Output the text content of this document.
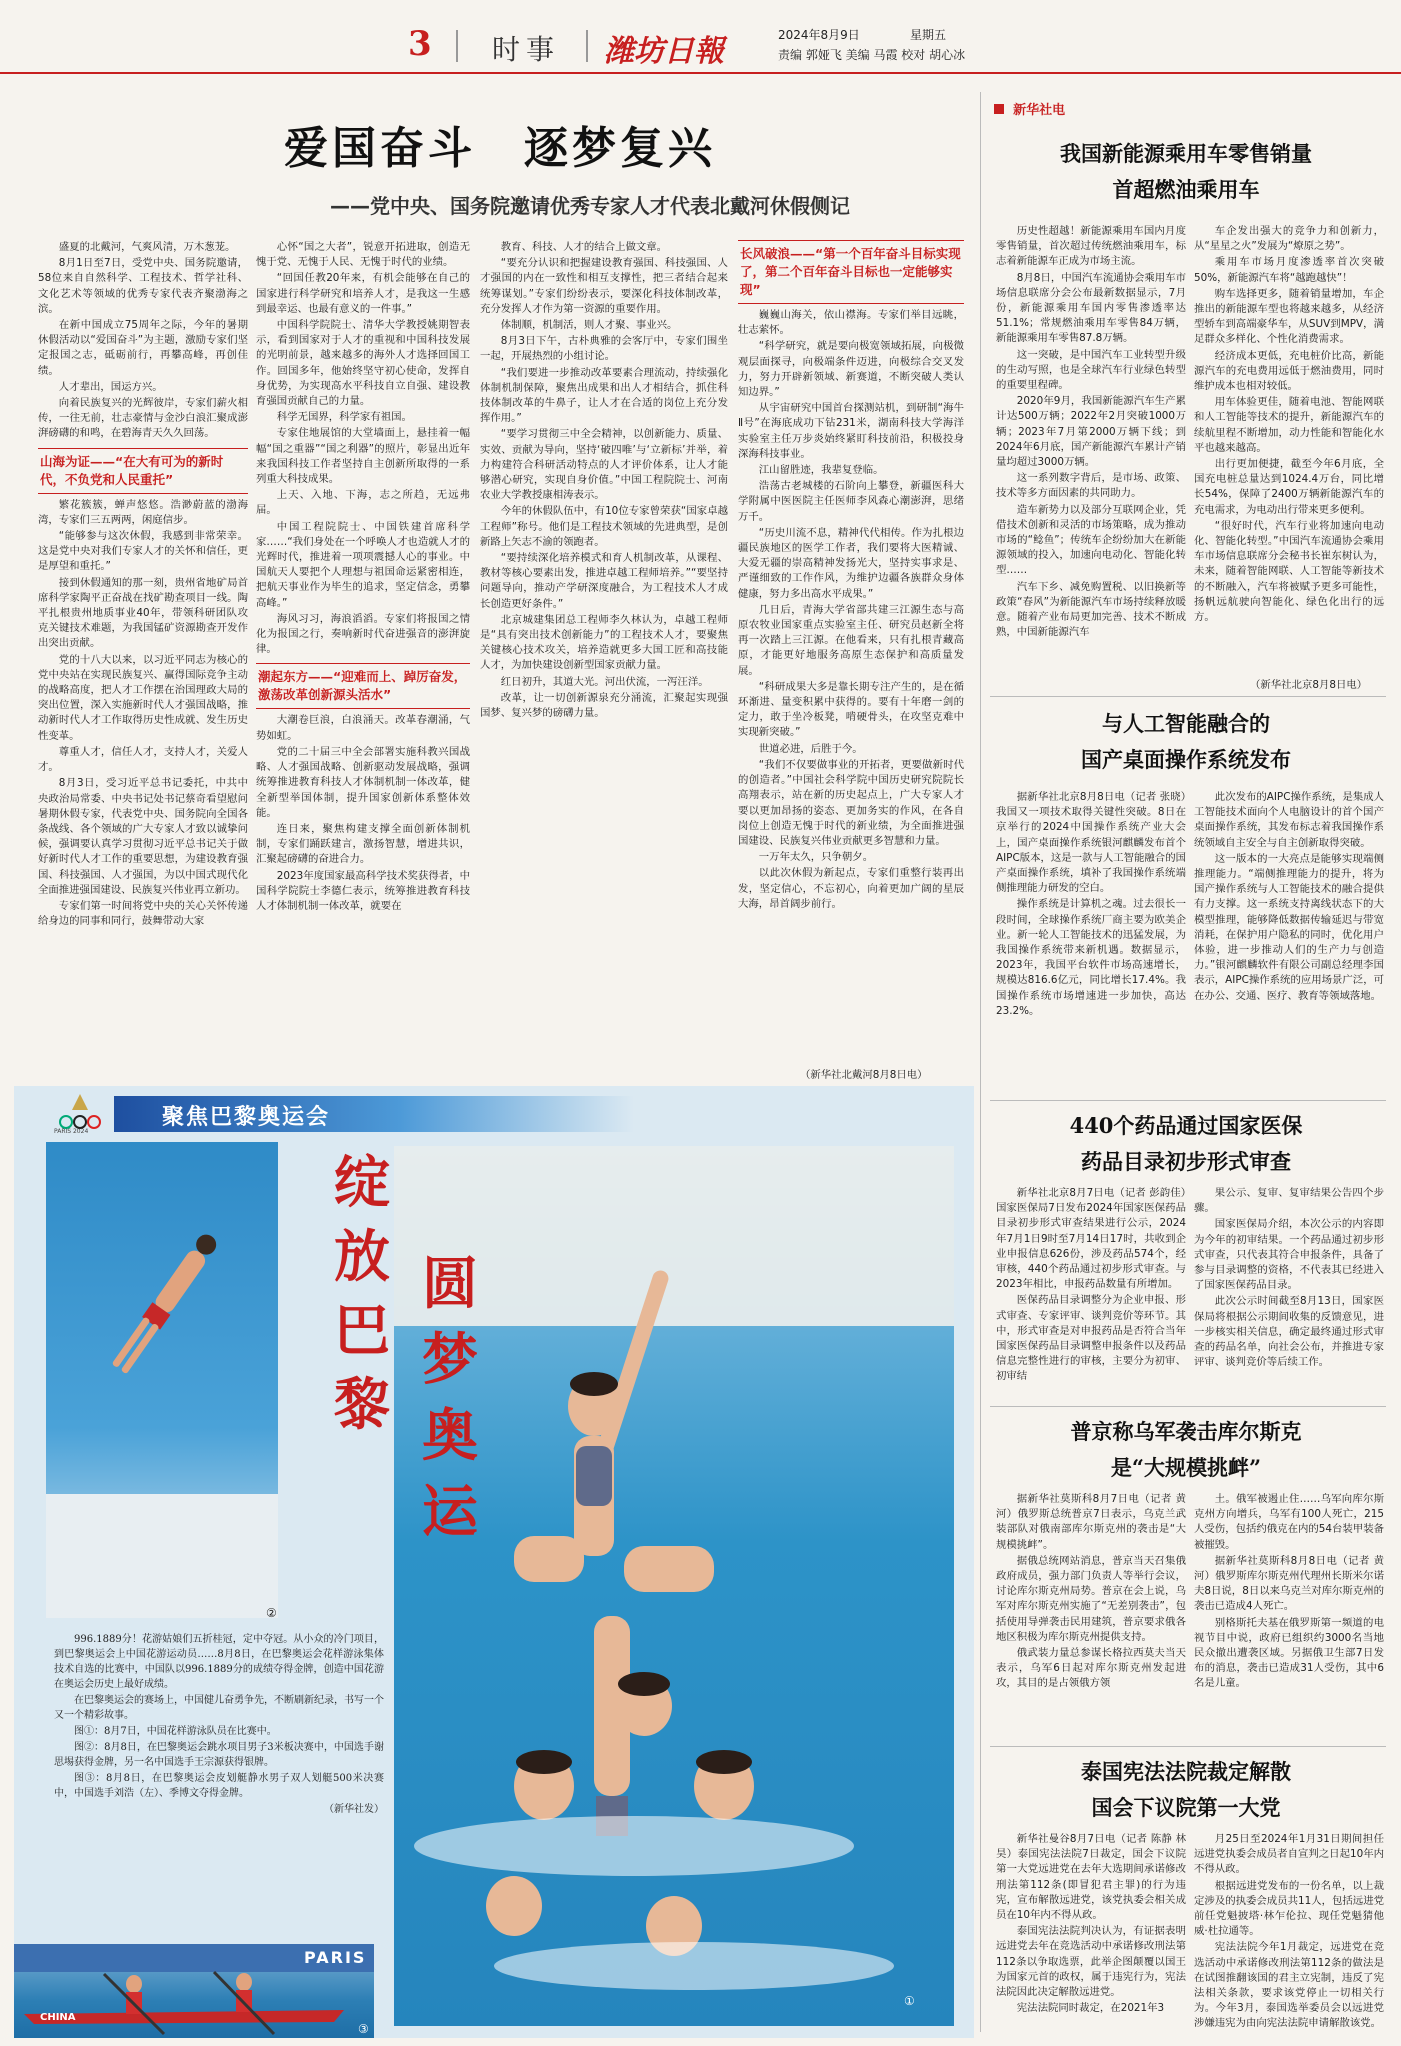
3 时事 潍坊日報	2024年8月9日	星期五
责编 郭娅飞 美编 马霞 校对 胡心冰
爱国奋斗　逐梦复兴
——党中央、国务院邀请优秀专家人才代表北戴河休假侧记

盛夏的北戴河，气爽风清，万木葱茏。

8月1日至7日，受党中央、国务院邀请，58位来自自然科学、工程技术、哲学社科、文化艺术等领域的优秀专家代表齐聚渤海之滨。

在新中国成立75周年之际，今年的暑期休假活动以“爱国奋斗”为主题，激励专家们坚定报国之志，砥砺前行，再攀高峰，再创佳绩。

人才辈出，国运方兴。

向着民族复兴的光辉彼岸，专家们薪火相传，一往无前，壮志豪情与金沙白浪汇聚成澎湃磅礴的和鸣，在碧海青天久久回荡。

山海为证——“在大有可为的新时代，不负党和人民重托”

繁花簇簇，蝉声悠悠。浩渺蔚蓝的渤海湾，专家们三五两两，闲庭信步。

“能够参与这次休假，我感到非常荣幸。这是党中央对我们专家人才的关怀和信任，更是厚望和重托。”

接到休假通知的那一刻，贵州省地矿局首席科学家陶平正奋战在找矿勘查项目一线。陶平扎根贵州地质事业40年，带领科研团队攻克关键技术难题，为我国锰矿资源勘查开发作出突出贡献。

党的十八大以来，以习近平同志为核心的党中央站在实现民族复兴、赢得国际竞争主动的战略高度，把人才工作摆在治国理政大局的突出位置，深入实施新时代人才强国战略，推动新时代人才工作取得历史性成就、发生历史性变革。

尊重人才，信任人才，支持人才，关爱人才。

8月3日，受习近平总书记委托，中共中央政治局常委、中央书记处书记蔡奇看望慰问暑期休假专家，代表党中央、国务院向全国各条战线、各个领域的广大专家人才致以诚挚问候，强调要认真学习贯彻习近平总书记关于做好新时代人才工作的重要思想，为建设教育强国、科技强国、人才强国，为以中国式现代化全面推进强国建设、民族复兴伟业再立新功。

专家们第一时间将党中央的关心关怀传递给身边的同事和同行，鼓舞带动大家

心怀“国之大者”，锐意开拓进取，创造无愧于党、无愧于人民、无愧于时代的业绩。

“回国任教20年来，有机会能够在自己的国家进行科学研究和培养人才，是我这一生感到最幸运、也最有意义的一件事。”

中国科学院院士、清华大学教授姚期智表示，看到国家对于人才的重视和中国科技发展的光明前景，越来越多的海外人才选择回国工作。回国多年，他始终坚守初心使命，发挥自身优势，为实现高水平科技自立自强、建设教育强国贡献自己的力量。

科学无国界，科学家有祖国。

专家住地展馆的大堂墙面上，悬挂着一幅幅“国之重器”“国之利器”的照片，彰显出近年来我国科技工作者坚持自主创新所取得的一系列重大科技成果。

上天、入地、下海，志之所趋，无远弗届。

中国工程院院士、中国铁建首席科学家……“我们身处在一个呼唤人才也造就人才的光辉时代，推进着一项项震撼人心的事业。中国航天人要把个人理想与祖国命运紧密相连，把航天事业作为毕生的追求，坚定信念，勇攀高峰。”

海风习习，海浪滔滔。专家们将报国之情化为报国之行，奏响新时代奋进强音的澎湃旋律。

潮起东方——“迎难而上、踔厉奋发，激荡改革创新源头活水”

大潮卷巨浪，白浪涌天。改革春潮涌，气势如虹。

党的二十届三中全会部署实施科教兴国战略、人才强国战略、创新驱动发展战略，强调统筹推进教育科技人才体制机制一体改革，健全新型举国体制，提升国家创新体系整体效能。

连日来，聚焦构建支撑全面创新体制机制，专家们踊跃建言，激扬智慧，增进共识，汇聚起磅礴的奋进合力。

2023年度国家最高科学技术奖获得者，中国科学院院士李德仁表示，统筹推进教育科技人才体制机制一体改革，就要在

教育、科技、人才的结合上做文章。

“要充分认识和把握建设教育强国、科技强国、人才强国的内在一致性和相互支撑性，把三者结合起来统筹谋划。”专家们纷纷表示，要深化科技体制改革，充分发挥人才作为第一资源的重要作用。

体制顺，机制活，则人才聚、事业兴。

8月3日下午，古朴典雅的会客厅中，专家们围坐一起，开展热烈的小组讨论。

“我们要进一步推动改革要素合理流动，持续强化体制机制保障，聚焦出成果和出人才相结合，抓住科技体制改革的牛鼻子，让人才在合适的岗位上充分发挥作用。”

“要学习贯彻三中全会精神，以创新能力、质量、实效、贡献为导向，坚持‘破四唯’与‘立新标’并举，着力构建符合科研活动特点的人才评价体系，让人才能够潜心研究，实现自身价值。”中国工程院院士、河南农业大学教授康相涛表示。

今年的休假队伍中，有10位专家曾荣获“国家卓越工程师”称号。他们是工程技术领域的先进典型，是创新路上矢志不渝的领跑者。

“要持续深化培养模式和育人机制改革，从课程、教材等核心要素出发，推进卓越工程师培养。”“要坚持问题导向，推动产学研深度融合，为工程技术人才成长创造更好条件。”

北京城建集团总工程师李久林认为，卓越工程师是“具有突出技术创新能力”的工程技术人才，要聚焦关键核心技术攻关，培养造就更多大国工匠和高技能人才，为加快建设创新型国家贡献力量。

红日初升，其道大光。河出伏流，一泻汪洋。

改革，让一切创新源泉充分涌流，汇聚起实现强国梦、复兴梦的磅礴力量。

长风破浪——“第一个百年奋斗目标实现了，第二个百年奋斗目标也一定能够实现”

巍巍山海关，依山襟海。专家们举目远眺，壮志萦怀。

“科学研究，就是要向极宽领域拓展，向极微观层面探寻，向极端条件迈进，向极综合交叉发力，努力开辟新领域、新赛道，不断突破人类认知边界。”

从宇宙研究中国首台探测站机，到研制“海牛Ⅱ号”在海底成功下钻231米，湖南科技大学海洋实验室主任万步炎始终紧盯科技前沿，积极投身深海科技事业。

江山留胜迹，我辈复登临。

浩荡古老城楼的石阶向上攀登，新疆医科大学附属中医医院主任医师李风森心潮澎湃，思绪万千。

“历史川流不息，精神代代相传。作为扎根边疆民族地区的医学工作者，我们要将大医精诚、大爱无疆的崇高精神发扬光大，坚持实事求是、严谨细致的工作作风，为维护边疆各族群众身体健康，努力多出高水平成果。”

几日后，青海大学省部共建三江源生态与高原农牧业国家重点实验室主任、研究员赵新全将再一次踏上三江源。在他看来，只有扎根青藏高原，才能更好地服务高原生态保护和高质量发展。

“科研成果大多是靠长期专注产生的，是在循环渐进、量变积累中获得的。要有十年磨一剑的定力，敢于坐冷板凳，啃硬骨头，在攻坚克难中实现新突破。”

世道必进，后胜于今。

“我们不仅要做事业的开拓者，更要做新时代的创造者。”中国社会科学院中国历史研究院院长高翔表示，站在新的历史起点上，广大专家人才要以更加昂扬的姿态、更加务实的作风，在各自岗位上创造无愧于时代的新业绩，为全面推进强国建设、民族复兴伟业贡献更多智慧和力量。

一万年太久，只争朝夕。

以此次休假为新起点，专家们重整行装再出发，坚定信心，不忘初心，向着更加广阔的星辰大海，昂首阔步前行。

（新华社北戴河8月8日电）
PARIS 2024
聚焦巴黎奥运会
②
绽
放
巴
黎
①
圆
梦
奥
运

996.1889分！花游姑娘们五折桂冠，定中夺冠。从小众的冷门项目，到巴黎奥运会上中国花游运动员……8月8日，在巴黎奥运会花样游泳集体技术自选的比赛中，中国队以996.1889分的成绩夺得金牌，创造中国花游在奥运会历史上最好成绩。

在巴黎奥运会的赛场上，中国健儿奋勇争先，不断刷新纪录，书写一个又一个精彩故事。

图①：8月7日，中国花样游泳队员在比赛中。

图②：8月8日，在巴黎奥运会跳水项目男子3米板决赛中，中国选手谢思埸获得金牌，另一名中国选手王宗源获得银牌。

图③：8月8日，在巴黎奥运会皮划艇静水男子双人划艇500米决赛中，中国选手刘浩（左）、季博文夺得金牌。

（新华社发）

PARIS
CHINA
③
新华社电
我国新能源乘用车零售销量
首超燃油乘用车

历史性超越！新能源乘用车国内月度零售销量，首次超过传统燃油乘用车，标志着新能源车正成为市场主流。

8月8日，中国汽车流通协会乘用车市场信息联席分会公布最新数据显示，7月份，新能源乘用车国内零售渗透率达51.1%；常规燃油乘用车零售84万辆，新能源乘用车零售87.8万辆。

这一突破，是中国汽车工业转型升级的生动写照，也是全球汽车行业绿色转型的重要里程碑。

2020年9月，我国新能源汽车生产累计达500万辆；2022年2月突破1000万辆；2023年7月第2000万辆下线；到2024年6月底，国产新能源汽车累计产销量均超过3000万辆。

这一系列数字背后，是市场、政策、技术等多方面因素的共同助力。

造车新势力以及部分互联网企业，凭借技术创新和灵活的市场策略，成为推动市场的“鲶鱼”；传统车企纷纷加大在新能源领域的投入，加速向电动化、智能化转型……

汽车下乡、减免购置税、以旧换新等政策“春风”为新能源汽车市场持续释放暖意。随着产业布局更加完善、技术不断成熟，中国新能源汽车

车企发出强大的竞争力和创新力，从“星星之火”发展为“燎原之势”。

乘用车市场月度渗透率首次突破50%，新能源汽车将“越跑越快”！

购车选择更多，随着销量增加，车企推出的新能源车型也将越来越多，从经济型轿车到高端豪华车，从SUV到MPV，满足群众多样化、个性化消费需求。

经济成本更低，充电桩价比高，新能源汽车的充电费用远低于燃油费用，同时维护成本也相对较低。

用车体验更佳，随着电池、智能网联和人工智能等技术的提升，新能源汽车的续航里程不断增加，动力性能和智能化水平也越来越高。

出行更加便捷，截至今年6月底，全国充电桩总量达到1024.4万台，同比增长54%，保障了2400万辆新能源汽车的充电需求，为电动出行带来更多便利。

“很好时代，汽车行业将加速向电动化、智能化转型。”中国汽车流通协会乘用车市场信息联席分会秘书长崔东树认为，未来，随着智能网联、人工智能等新技术的不断融入，汽车将被赋予更多可能性，扬帆远航驶向智能化、绿色化出行的远方。

（新华社北京8月8日电）
与人工智能融合的
国产桌面操作系统发布

据新华社北京8月8日电（记者 张晓）我国又一项技术取得关键性突破。8日在京举行的2024中国操作系统产业大会上，国产桌面操作系统银河麒麟发布首个AIPC版本，这是一款与人工智能融合的国产桌面操作系统，填补了我国操作系统端侧推理能力研发的空白。

操作系统是计算机之魂。过去很长一段时间，全球操作系统厂商主要为欧美企业。新一轮人工智能技术的迅猛发展，为我国操作系统带来新机遇。数据显示，2023年，我国平台软件市场高速增长，规模达816.6亿元，同比增长17.4%。我国操作系统市场增速进一步加快，高达23.2%。

此次发布的AIPC操作系统，是集成人工智能技术面向个人电脑设计的首个国产桌面操作系统，其发布标志着我国操作系统领域自主安全与自主创新取得突破。

这一版本的一大亮点是能够实现端侧推理能力。“端侧推理能力的提升，将为国产操作系统与人工智能技术的融合提供有力支撑。这一系统支持离线状态下的大模型推理，能够降低数据传输延迟与带宽消耗，在保护用户隐私的同时，优化用户体验，进一步推动人们的生产力与创造力。”银河麒麟软件有限公司副总经理李国表示，AIPC操作系统的应用场景广泛，可在办公、交通、医疗、教育等领域落地。

440个药品通过国家医保
药品目录初步形式审查

新华社北京8月7日电（记者 彭韵佳）国家医保局7日发布2024年国家医保药品目录初步形式审查结果进行公示，2024年7月1日9时至7月14日17时，共收到企业申报信息626份，涉及药品574个，经审核，440个药品通过初步形式审查。与2023年相比，申报药品数量有所增加。

医保药品目录调整分为企业申报、形式审查、专家评审、谈判竞价等环节。其中，形式审查是对申报药品是否符合当年国家医保药品目录调整申报条件以及药品信息完整性进行的审核，主要分为初审、初审结

果公示、复审、复审结果公告四个步骤。

国家医保局介绍，本次公示的内容即为今年的初审结果。一个药品通过初步形式审查，只代表其符合申报条件，具备了参与目录调整的资格，不代表其已经进入了国家医保药品目录。

此次公示时间截至8月13日，国家医保局将根据公示期间收集的反馈意见，进一步核实相关信息，确定最终通过形式审查的药品名单，向社会公布，并推进专家评审、谈判竞价等后续工作。

普京称乌军袭击库尔斯克
是“大规模挑衅”

据新华社莫斯科8月7日电（记者 黄河）俄罗斯总统普京7日表示，乌克兰武装部队对俄南部库尔斯克州的袭击是“大规模挑衅”。

据俄总统网站消息，普京当天召集俄政府成员，强力部门负责人等举行会议，讨论库尔斯克州局势。普京在会上说，乌军对库尔斯克州实施了“无差别袭击”，包括使用导弹袭击民用建筑，普京要求俄各地区积极为库尔斯克州提供支持。

俄武装力量总参谋长格拉西莫夫当天表示，乌军6日起对库尔斯克州发起进攻，其目的是占领俄方领

土。俄军被遏止住……乌军向库尔斯克州方向增兵，乌军有100人死亡，215人受伤，包括约俄克在内的54台装甲装备被摧毁。

据新华社莫斯科8月8日电（记者 黄河）俄罗斯库尔斯克州代理州长斯米尔诺夫8日说，8日以来乌克兰对库尔斯克州的袭击已造成4人死亡。

别格斯托夫基在俄罗斯第一频道的电视节目中说，政府已组织约3000名当地民众撤出遭袭区域。另据俄卫生部7日发布的消息，袭击已造成31人受伤，其中6名是儿童。

泰国宪法法院裁定解散
国会下议院第一大党

新华社曼谷8月7日电（记者 陈静 林昊）泰国宪法法院7日裁定，国会下议院第一大党远进党在去年大选期间承诺修改刑法第112条(即冒犯君主罪)的行为违宪，宣布解散远进党，该党执委会相关成员在10年内不得从政。

泰国宪法法院判决认为，有证据表明远进党去年在竞选活动中承诺修改刑法第112条以争取选票，此举企图颠覆以国王为国家元首的政权，属于违宪行为，宪法法院因此决定解散远进党。

宪法法院同时裁定，在2021年3

月25日至2024年1月31日期间担任远进党执委会成员者自宣判之日起10年内不得从政。

根据远进党发布的一份名单，以上裁定涉及的执委会成员共11人，包括远进党前任党魁披塔·林乍伦拉、现任党魁猜他威·杜拉通等。

宪法法院今年1月裁定，远进党在竞选活动中承诺修改刑法第112条的做法是在试图推翻该国的君主立宪制，违反了宪法相关条款，要求该党停止一切相关行为。今年3月，泰国选举委员会以远进党涉嫌违宪为由向宪法法院申请解散该党。
